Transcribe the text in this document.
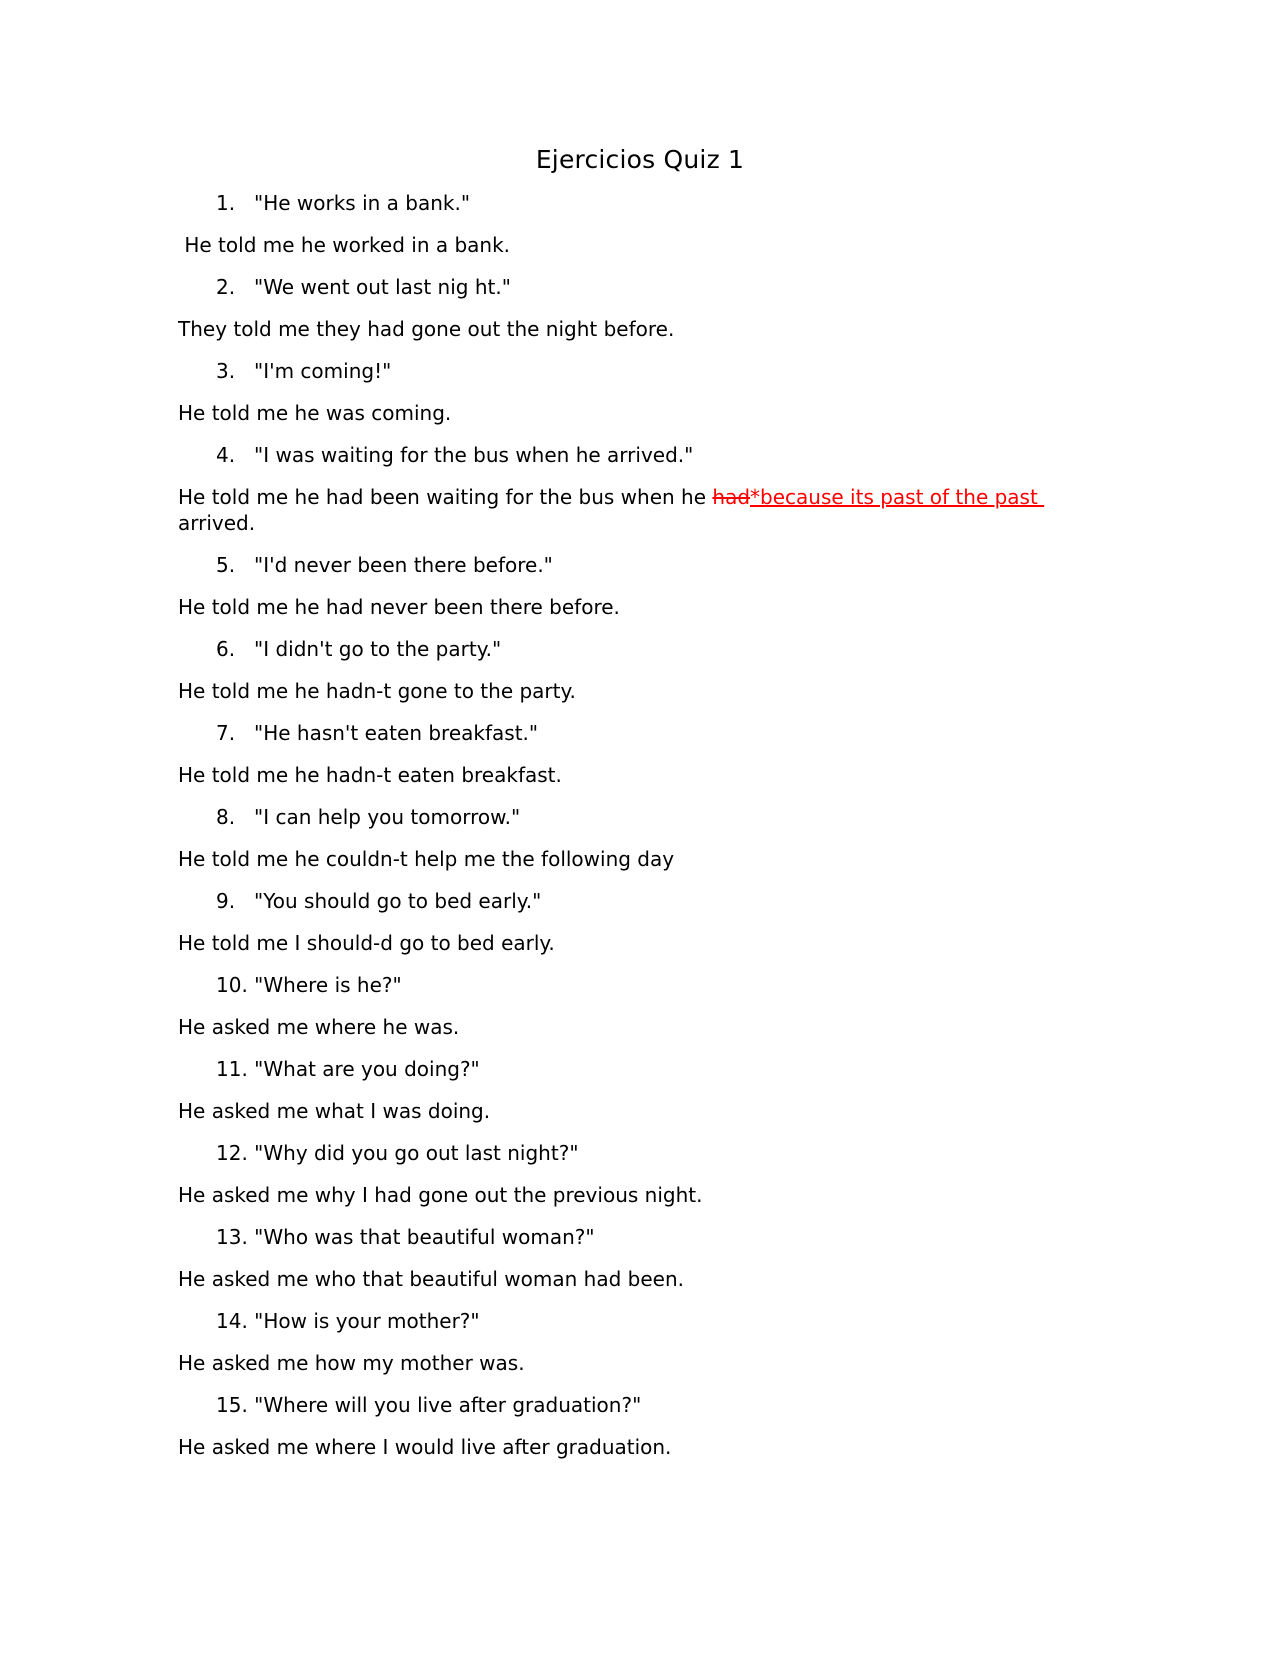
Ejercicios Quiz 1
1. "He works in a bank."
He told me he worked in a bank.
2. "We went out last nig ht."
They told me they had gone out the night before.
3. "I'm coming!"
He told me he was coming.
4. "I was waiting for the bus when he arrived."
He told me he had been waiting for the bus when he had*because its past of the past
arrived.
5. "I'd never been there before."
He told me he had never been there before.
6. "I didn't go to the party."
He told me he hadn-t gone to the party.
7. "He hasn't eaten breakfast."
He told me he hadn-t eaten breakfast.
8. "I can help you tomorrow."
He told me he couldn-t help me the following day
9. "You should go to bed early."
He told me I should-d go to bed early.
10. "Where is he?"
He asked me where he was.
11. "What are you doing?"
He asked me what I was doing.
12. "Why did you go out last night?"
He asked me why I had gone out the previous night.
13. "Who was that beautiful woman?"
He asked me who that beautiful woman had been.
14. "How is your mother?"
He asked me how my mother was.
15. "Where will you live after graduation?"
He asked me where I would live after graduation.
